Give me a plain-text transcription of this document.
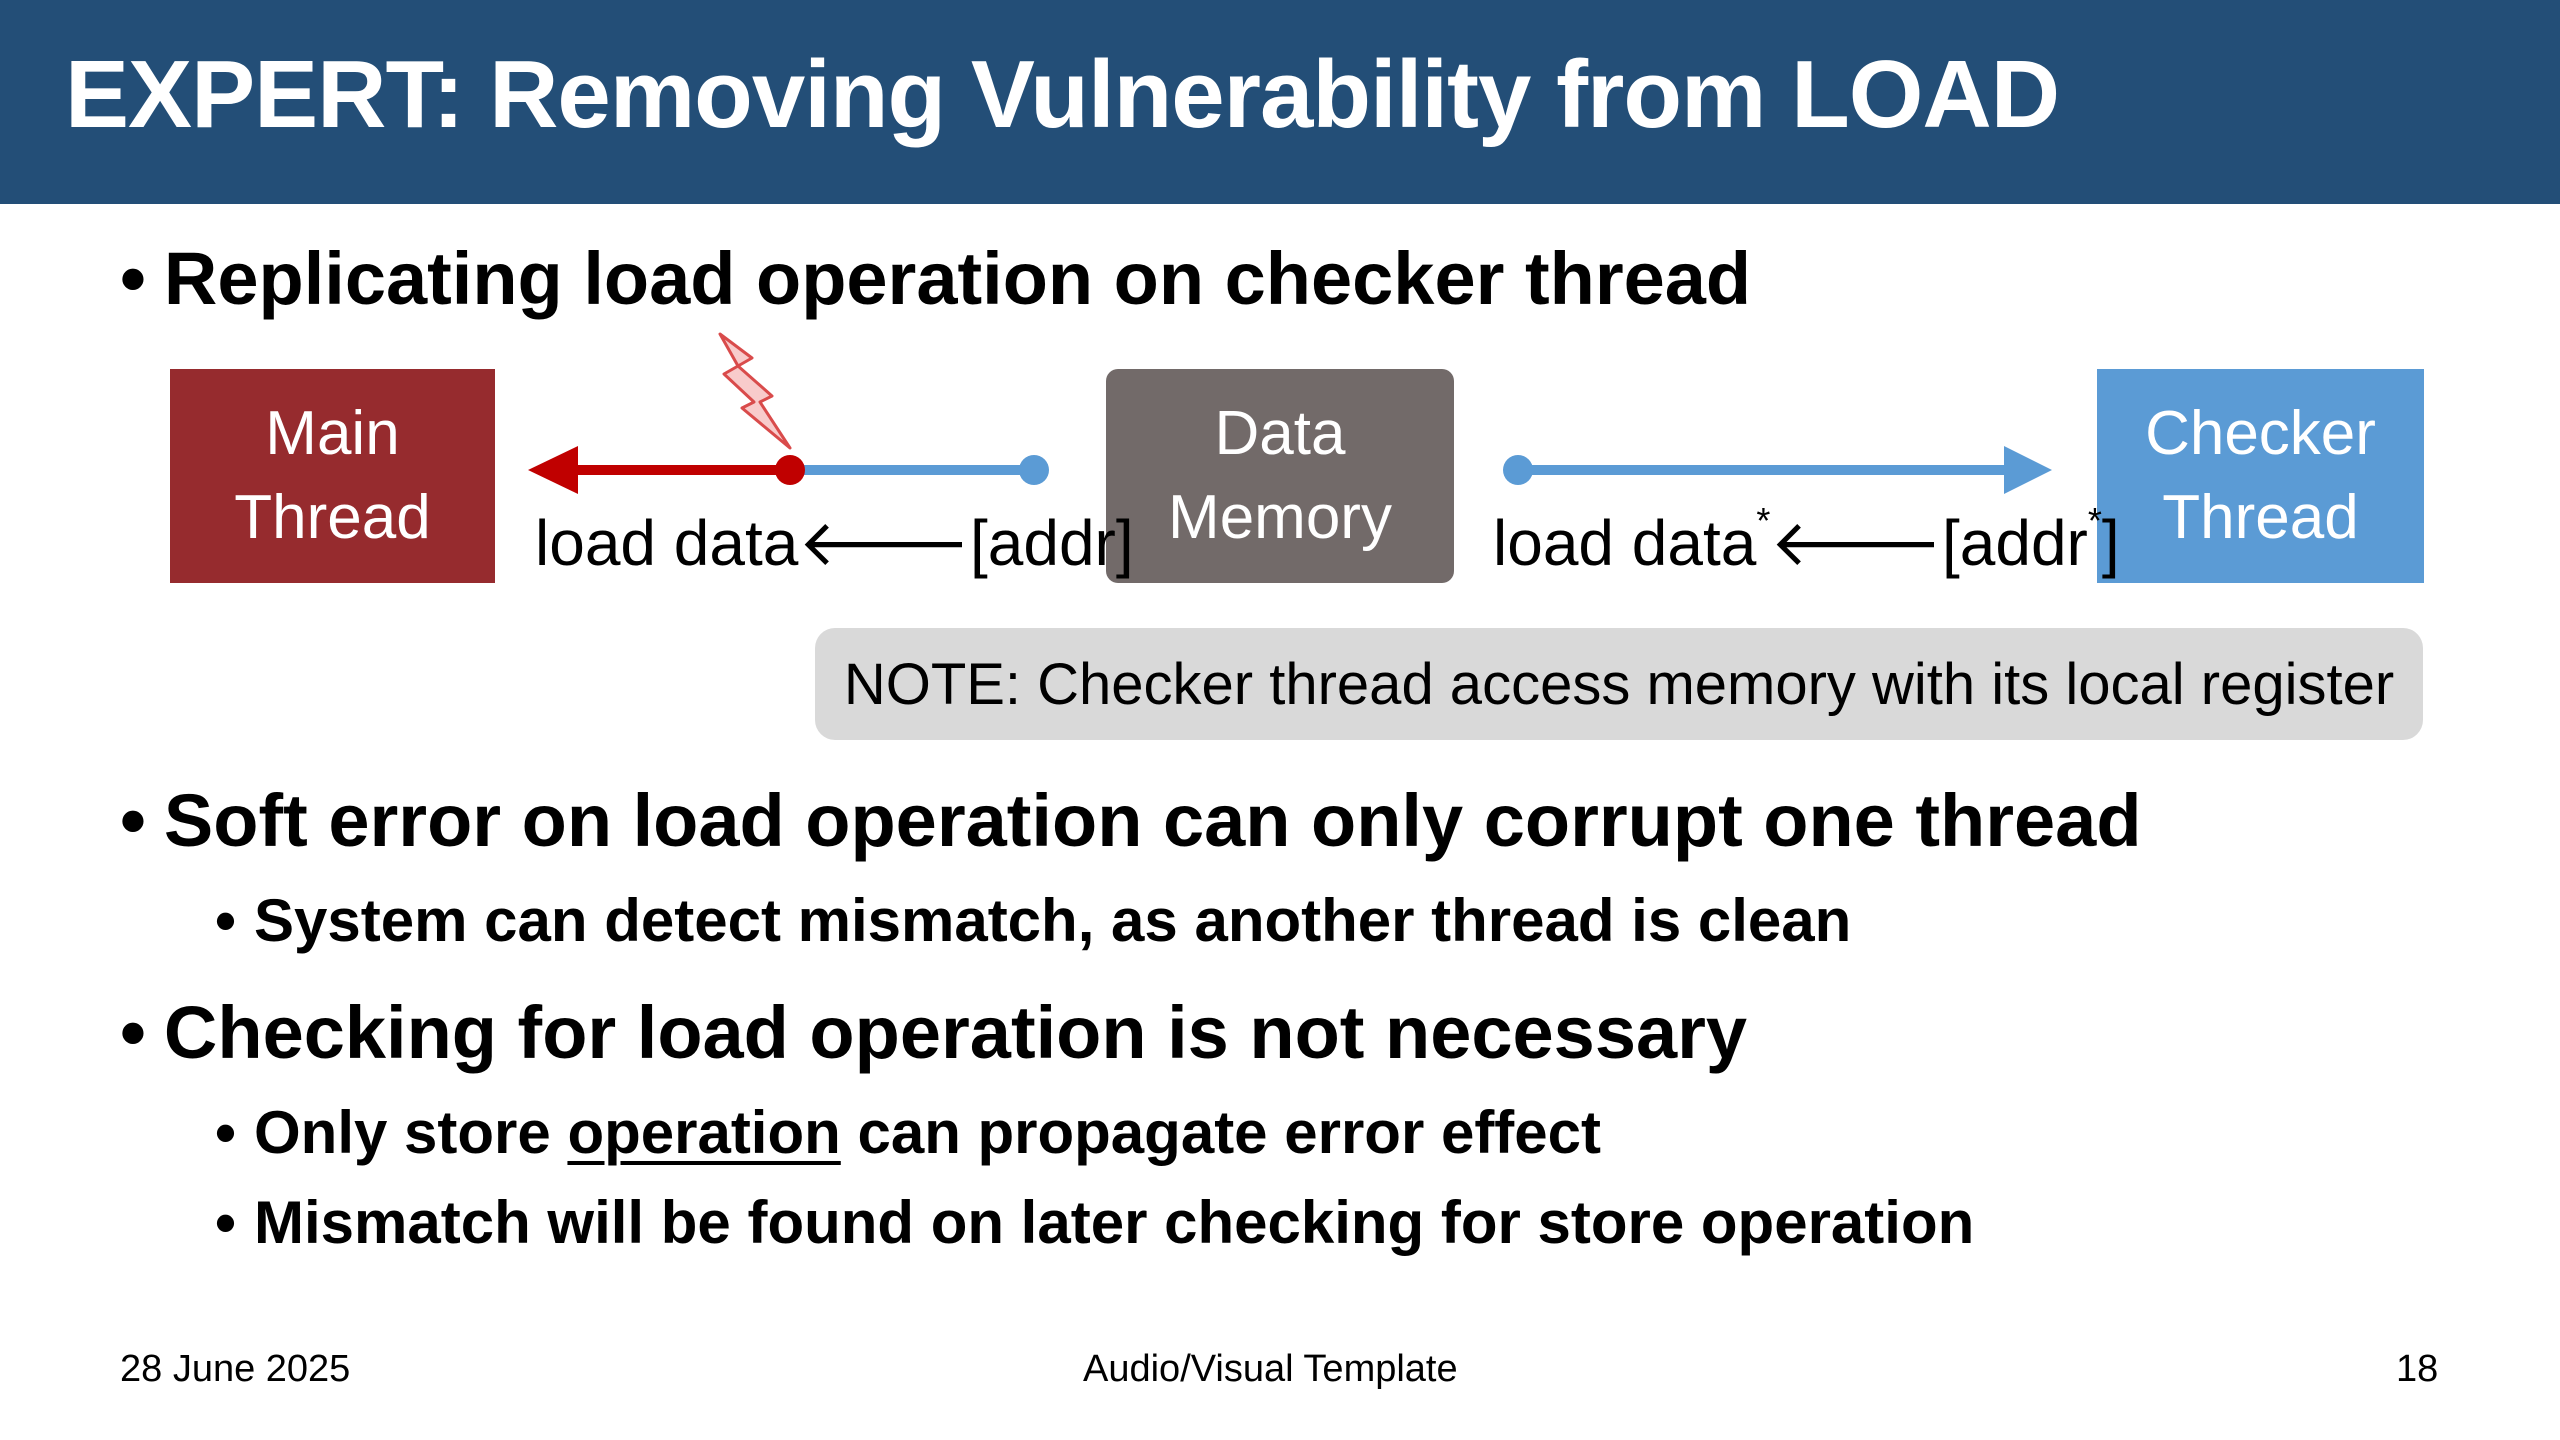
EXPERT: Removing Vulnerability from LOAD
• Replicating load operation on checker thread
Main
Thread
Data
Memory
Checker
Thread
load data🡐[addr]	load data*🡐[addr*]
NOTE: Checker thread access memory with its local register
• Soft error on load operation can only corrupt one thread
• System can detect mismatch, as another thread is clean
• Checking for load operation is not necessary
• Only store operation can propagate error effect
• Mismatch will be found on later checking for store operation
28 June 2025	Audio/Visual Template	18
